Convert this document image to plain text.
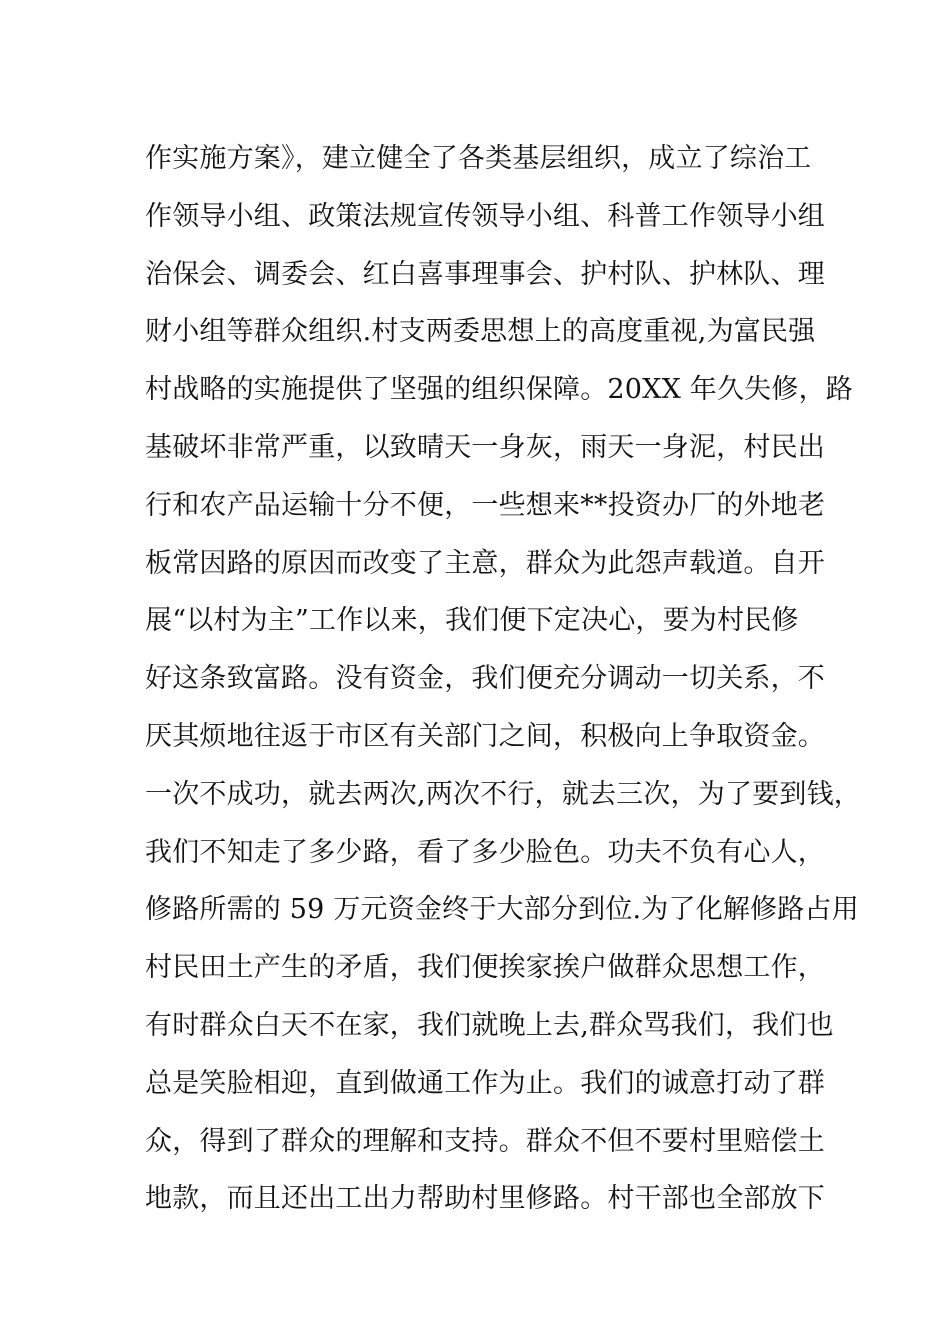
作实施方案》，建立健全了各类基层组织，成立了综治工
作领导小组、政策法规宣传领导小组、科普工作领导小组
治保会、调委会、红白喜事理事会、护村队、护林队、理
财小组等群众组织.村支两委思想上的高度重视,为富民强
村战略的实施提供了坚强的组织保障。20XX 年久失修，路
基破坏非常严重，以致晴天一身灰，雨天一身泥，村民出
行和农产品运输十分不便，一些想来**投资办厂的外地老
板常因路的原因而改变了主意，群众为此怨声载道。自开
展“以村为主”工作以来，我们便下定决心，要为村民修
好这条致富路。没有资金，我们便充分调动一切关系，不
厌其烦地往返于市区有关部门之间，积极向上争取资金。
一次不成功，就去两次,两次不行，就去三次，为了要到钱，
我们不知走了多少路，看了多少脸色。功夫不负有心人，
修路所需的 59 万元资金终于大部分到位.为了化解修路占用
村民田土产生的矛盾，我们便挨家挨户做群众思想工作，
有时群众白天不在家，我们就晚上去,群众骂我们，我们也
总是笑脸相迎，直到做通工作为止。我们的诚意打动了群
众，得到了群众的理解和支持。群众不但不要村里赔偿土
地款，而且还出工出力帮助村里修路。村干部也全部放下
